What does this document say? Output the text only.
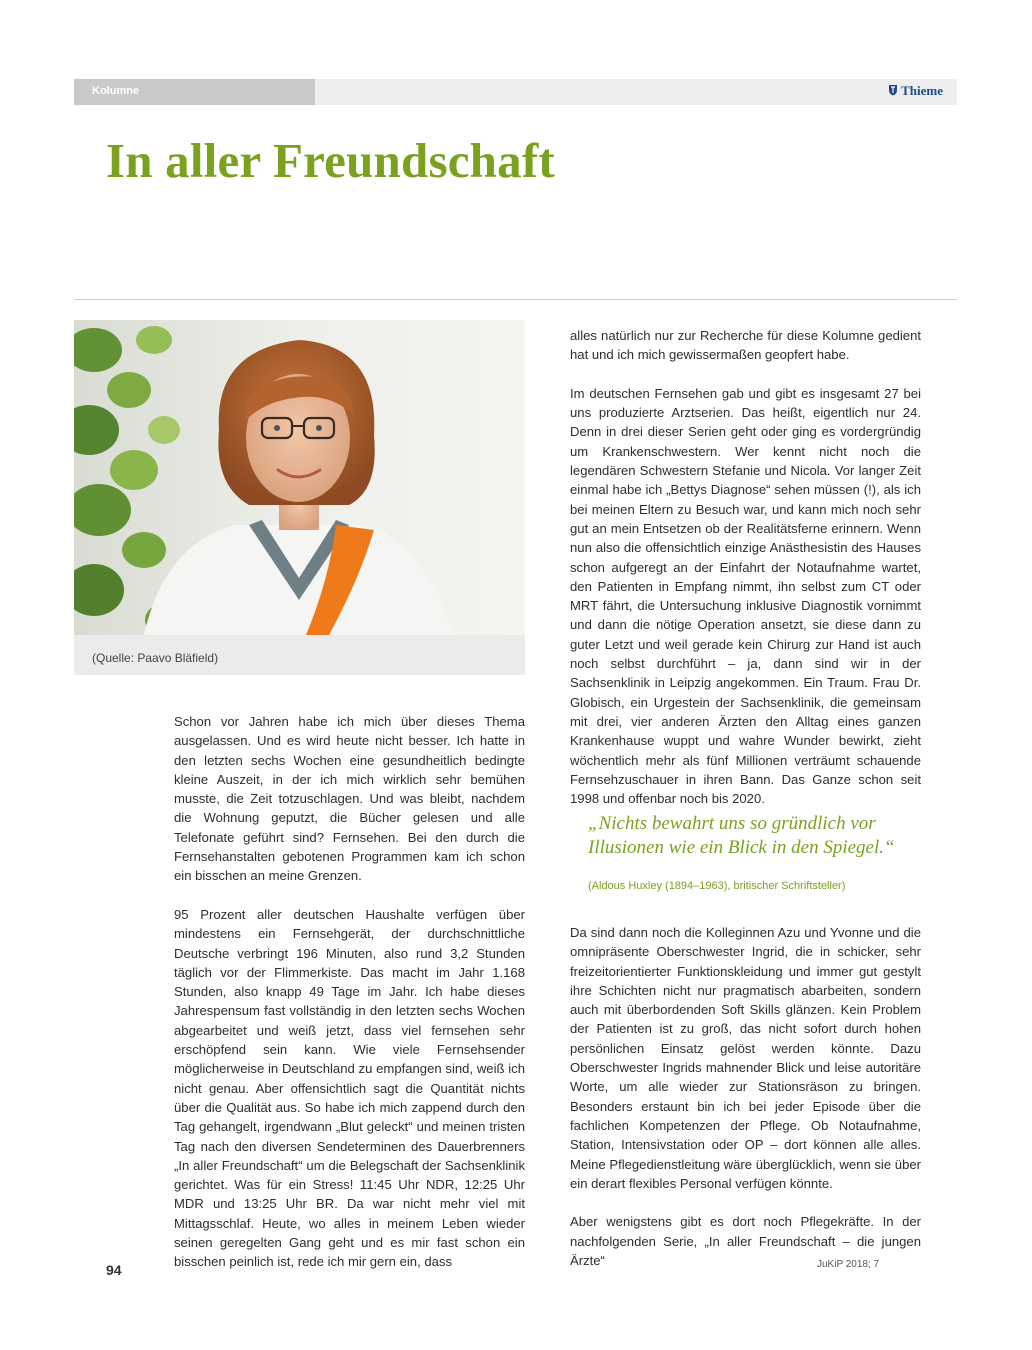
Kolumne	Thieme
In aller Freundschaft
(Quelle: Paavo Bläfield)

Schon vor Jahren habe ich mich über dieses Thema ausgelassen. Und es wird heute nicht besser. Ich hatte in den letzten sechs Wochen eine gesundheitlich bedingte kleine Auszeit, in der ich mich wirklich sehr bemühen musste, die Zeit totzuschlagen. Und was bleibt, nachdem die Wohnung geputzt, die Bücher gelesen und alle Telefonate geführt sind? Fernsehen. Bei den durch die Fernsehanstalten gebotenen Programmen kam ich schon ein bisschen an meine Grenzen.

95 Prozent aller deutschen Haushalte verfügen über mindestens ein Fernsehgerät, der durchschnittliche Deutsche verbringt 196 Minuten, also rund 3,2 Stunden täglich vor der Flimmerkiste. Das macht im Jahr 1.168 Stunden, also knapp 49 Tage im Jahr. Ich habe dieses Jahrespensum fast vollständig in den letzten sechs Wochen abgearbeitet und weiß jetzt, dass viel fernsehen sehr erschöpfend sein kann. Wie viele Fernsehsender möglicherweise in Deutschland zu empfangen sind, weiß ich nicht genau. Aber offensichtlich sagt die Quantität nichts über die Qualität aus. So habe ich mich zappend durch den Tag gehangelt, irgendwann „Blut geleckt“ und meinen tristen Tag nach den diversen Sendeterminen des Dauerbrenners „In aller Freundschaft“ um die Belegschaft der Sachsenklinik gerichtet. Was für ein Stress! 11:45 Uhr NDR, 12:25 Uhr MDR und 13:25 Uhr BR. Da war nicht mehr viel mit Mittagsschlaf. Heute, wo alles in meinem Leben wieder seinen geregelten Gang geht und es mir fast schon ein bisschen peinlich ist, rede ich mir gern ein, dass

alles natürlich nur zur Recherche für diese Kolumne gedient hat und ich mich gewissermaßen geopfert habe.

Im deutschen Fernsehen gab und gibt es insgesamt 27 bei uns produzierte Arztserien. Das heißt, eigentlich nur 24. Denn in drei dieser Serien geht oder ging es vordergründig um Krankenschwestern. Wer kennt nicht noch die legendären Schwestern Stefanie und Nicola. Vor langer Zeit einmal habe ich „Bettys Diagnose“ sehen müssen (!), als ich bei meinen Eltern zu Besuch war, und kann mich noch sehr gut an mein Entsetzen ob der Realitätsferne erinnern. Wenn nun also die offensichtlich einzige Anästhesistin des Hauses schon aufgeregt an der Einfahrt der Notaufnahme wartet, den Patienten in Empfang nimmt, ihn selbst zum CT oder MRT fährt, die Untersuchung inklusive Diagnostik vornimmt und dann die nötige Operation ansetzt, sie diese dann zu guter Letzt und weil gerade kein Chirurg zur Hand ist auch noch selbst durchführt – ja, dann sind wir in der Sachsenklinik in Leipzig angekommen. Ein Traum. Frau Dr. Globisch, ein Urgestein der Sachsenklinik, die gemeinsam mit drei, vier anderen Ärzten den Alltag eines ganzen Krankenhause wuppt und wahre Wunder bewirkt, zieht wöchentlich mehr als fünf Millionen verträumt schauende Fernsehzuschauer in ihren Bann. Das Ganze schon seit 1998 und offenbar noch bis 2020.

„Nichts bewahrt uns so gründlich vor Illusionen wie ein Blick in den Spiegel.“

(Aldous Huxley (1894–1963), britischer Schriftsteller)

Da sind dann noch die Kolleginnen Azu und Yvonne und die omnipräsente Oberschwester Ingrid, die in schicker, sehr freizeitorientierter Funktionskleidung und immer gut gestylt ihre Schichten nicht nur pragmatisch abarbeiten, sondern auch mit überbordenden Soft Skills glänzen. Kein Problem der Patienten ist zu groß, das nicht sofort durch hohen persönlichen Einsatz gelöst werden könnte. Dazu Oberschwester Ingrids mahnender Blick und leise autoritäre Worte, um alle wieder zur Stationsräson zu bringen. Besonders erstaunt bin ich bei jeder Episode über die fachlichen Kompetenzen der Pflege. Ob Notaufnahme, Station, Intensivstation oder OP – dort können alle alles. Meine Pflegedienstleitung wäre überglücklich, wenn sie über ein derart flexibles Personal verfügen könnte.

Aber wenigstens gibt es dort noch Pflegekräfte. In der nachfolgenden Serie, „In aller Freundschaft – die jungen Ärzte“

94	JuKiP 2018; 7
